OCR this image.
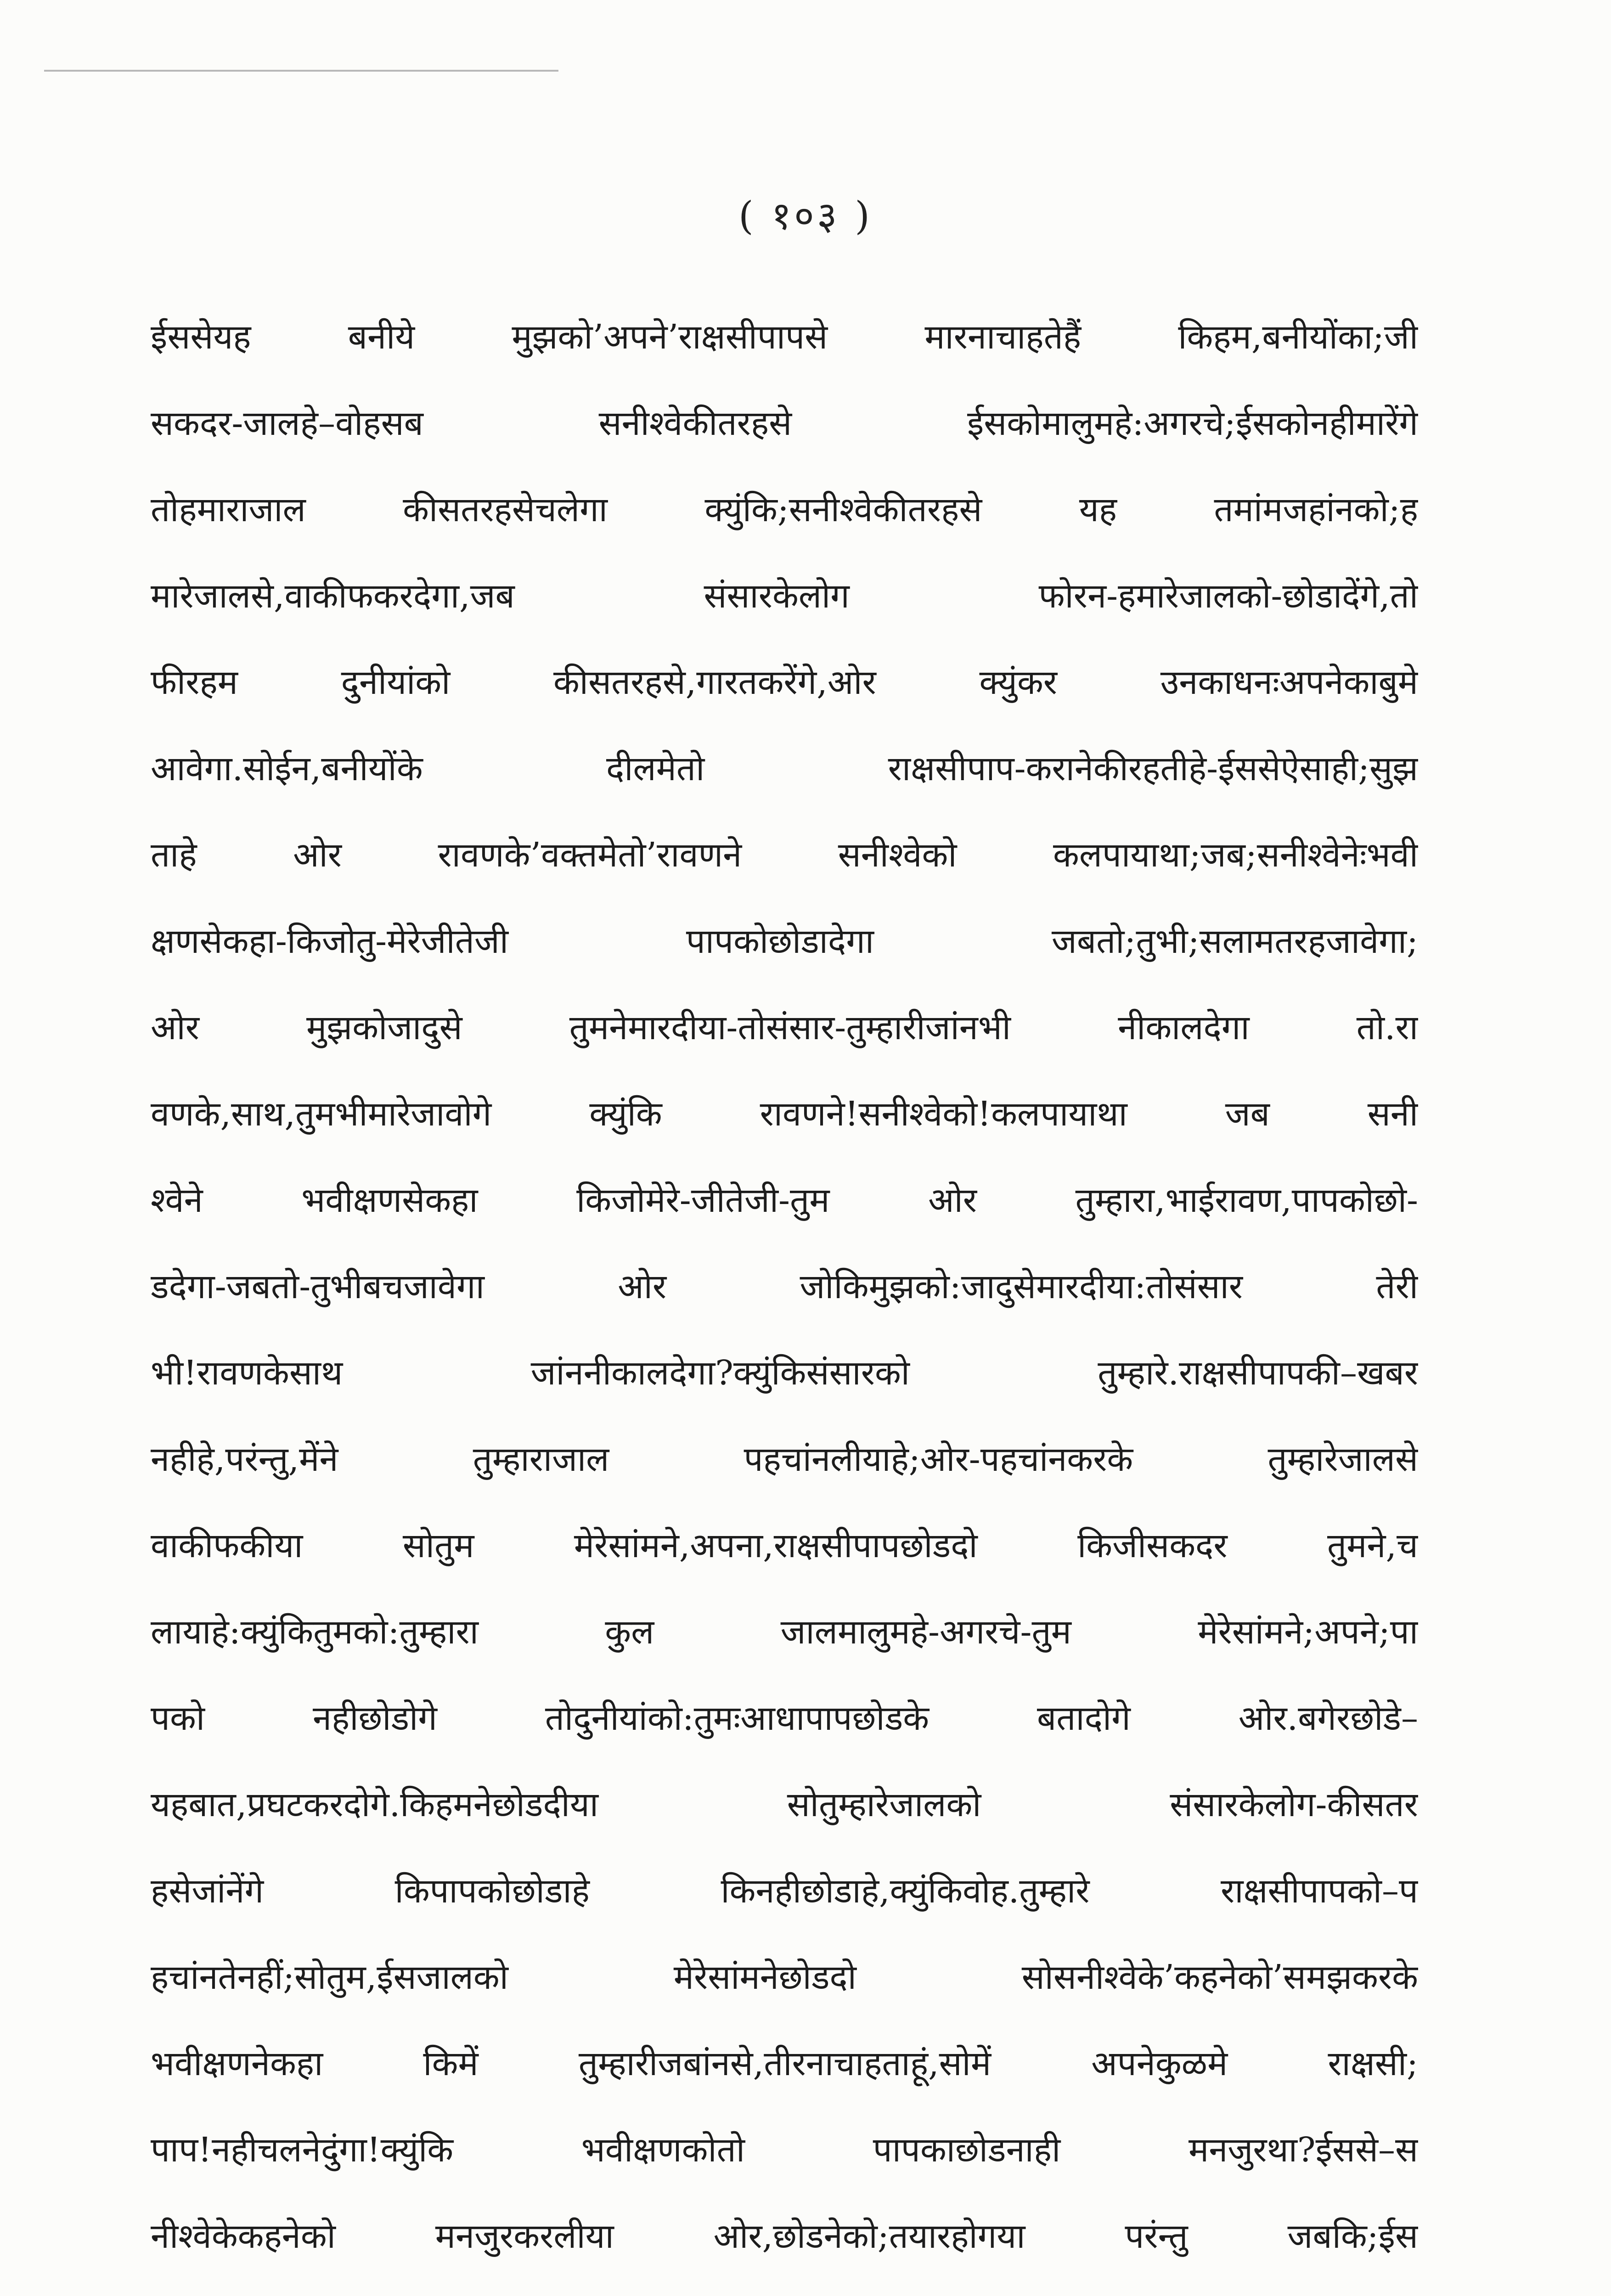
( १०३ )
ईससेयह बनीये मुझको’अपने’राक्षसीपापसे मारनाचाहतेहैं किहम,बनीयोंका;जी
सकदर-जालहे–वोहसब सनीश्वेकीतरहसे ईसकोमालुमहे:अगरचे;ईसकोनहीमारेंगे
तोहमाराजाल कीसतरहसेचलेगा क्युंकि;सनीश्वेकीतरहसे यह तमांमजहांनको;ह
मारेजालसे,वाकीफकरदेगा,जब संसारकेलोग फोरन-हमारेजालको-छोडादेंगे,तो
फीरहम दुनीयांको कीसतरहसे,गारतकरेंगे,ओर क्युंकर उनकाधनःअपनेकाबुमे
आवेगा.सोईन,बनीयोंके दीलमेतो राक्षसीपाप-करानेकीरहतीहे-ईससेऐसाही;सुझ
ताहे ओर रावणके’वक्तमेतो’रावणने सनीश्वेको कलपायाथा;जब;सनीश्वेनेःभवी
क्षणसेकहा-किजोतु-मेरेजीतेजी पापकोछोडादेगा जबतो;तुभी;सलामतरहजावेगा;
ओर मुझकोजादुसे तुमनेमारदीया-तोसंसार-तुम्हारीजांनभी नीकालदेगा तो.रा
वणके,साथ,तुमभीमारेजावोगे क्युंकि रावणने!सनीश्वेको!कलपायाथा जब सनी
श्वेने भवीक्षणसेकहा किजोमेरे-जीतेजी-तुम ओर तुम्हारा,भाईरावण,पापकोछो-
डदेगा-जबतो-तुभीबचजावेगा ओर जोकिमुझको:जादुसेमारदीया:तोसंसार तेरी
भी!रावणकेसाथ जांननीकालदेगा?क्युंकिसंसारको तुम्हारे.राक्षसीपापकी–खबर
नहीहे,परंन्तु,मेंने तुम्हाराजाल पहचांनलीयाहे;ओर-पहचांनकरके तुम्हारेजालसे
वाकीफकीया सोतुम मेरेसांमने,अपना,राक्षसीपापछोडदो किजीसकदर तुमने,च
लायाहे:क्युंकितुमको:तुम्हारा कुल जालमालुमहे-अगरचे-तुम मेरेसांमने;अपने;पा
पको नहीछोडोगे तोदुनीयांको:तुमःआधापापछोडके बतादोगे ओर.बगेरछोडे–
यहबात,प्रघटकरदोगे.किहमनेछोडदीया सोतुम्हारेजालको संसारकेलोग-कीसतर
हसेजांनेंगे किपापकोछोडाहे किनहीछोडाहे,क्युंकिवोह.तुम्हारे राक्षसीपापको–प
हचांनतेनहीं;सोतुम,ईसजालको मेरेसांमनेछोडदो सोसनीश्वेके’कहनेको’समझकरके
भवीक्षणनेकहा किमें तुम्हारीजबांनसे,तीरनाचाहताहूं,सोमें अपनेकुळमे राक्षसी;
पाप!नहीचलनेदुंगा!क्युंकि भवीक्षणकोतो पापकाछोडनाही मनजुरथा?ईससे–स
नीश्वेकेकहनेको मनजुरकरलीया ओर,छोडनेको;तयारहोगया परंन्तु जबकि;ईस
